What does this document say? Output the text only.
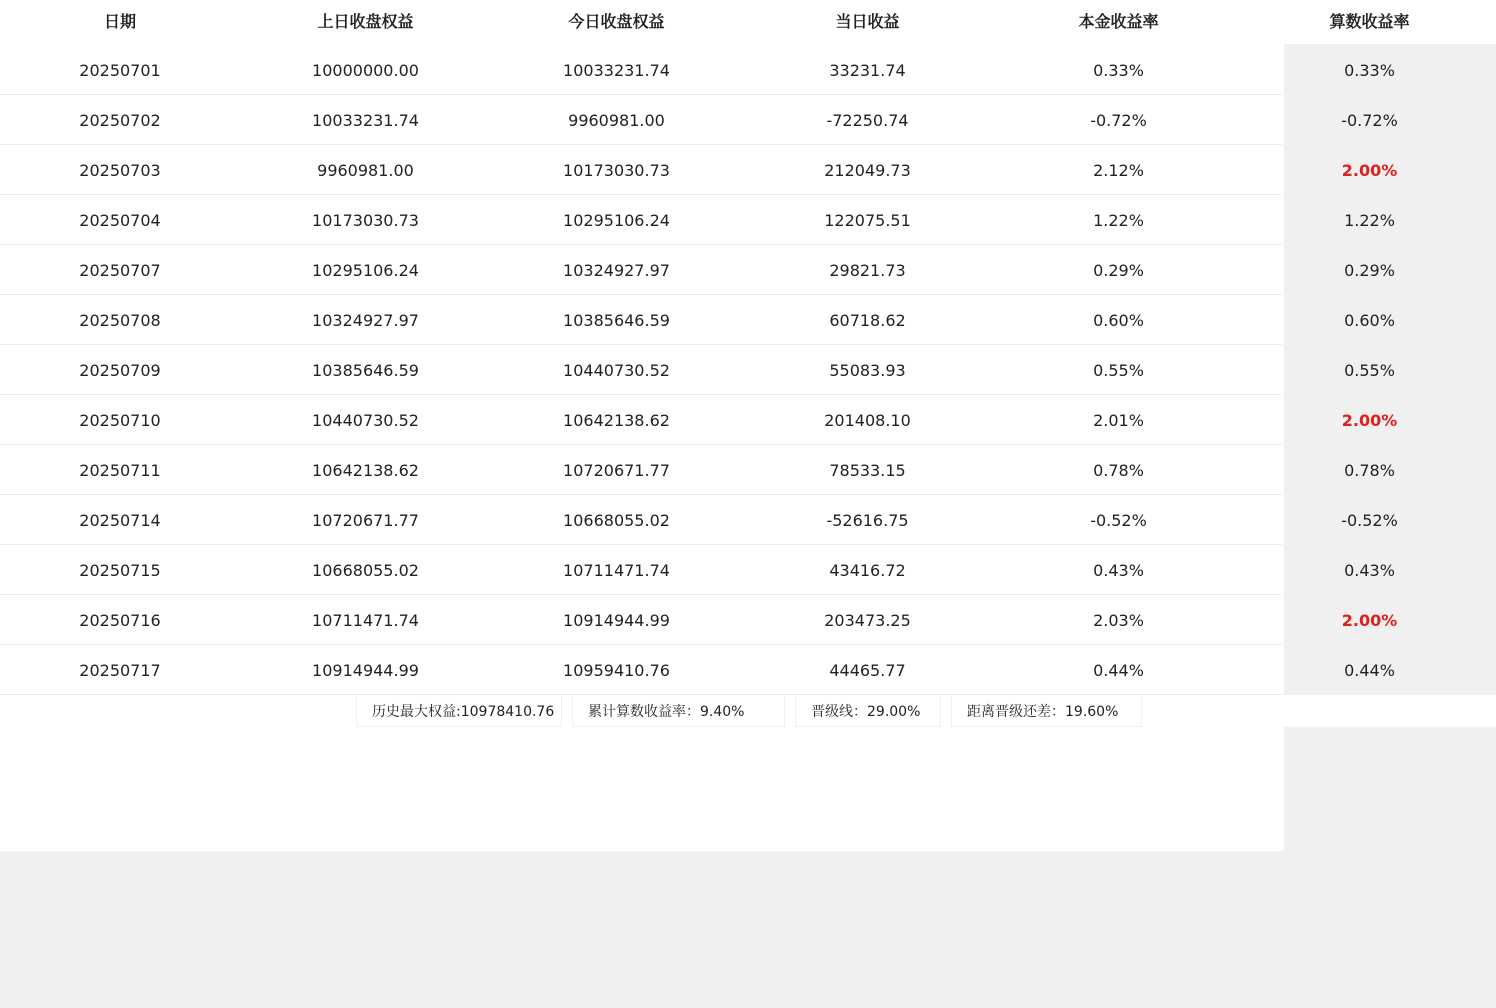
日期	上日收盘权益	今日收盘权益	当日收益	本金收益率	算数收益率
20250701	10000000.00	10033231.74	33231.74	0.33%	0.33%
20250702	10033231.74	9960981.00	-72250.74	-0.72%	-0.72%
20250703	9960981.00	10173030.73	212049.73	2.12%	2.00%
20250704	10173030.73	10295106.24	122075.51	1.22%	1.22%
20250707	10295106.24	10324927.97	29821.73	0.29%	0.29%
20250708	10324927.97	10385646.59	60718.62	0.60%	0.60%
20250709	10385646.59	10440730.52	55083.93	0.55%	0.55%
20250710	10440730.52	10642138.62	201408.10	2.01%	2.00%
20250711	10642138.62	10720671.77	78533.15	0.78%	0.78%
20250714	10720671.77	10668055.02	-52616.75	-0.52%	-0.52%
20250715	10668055.02	10711471.74	43416.72	0.43%	0.43%
20250716	10711471.74	10914944.99	203473.25	2.03%	2.00%
20250717	10914944.99	10959410.76	44465.77	0.44%	0.44%
历史最大权益:10978410.76	累计算数收益率：9.40%	晋级线：29.00%	距离晋级还差：19.60%
